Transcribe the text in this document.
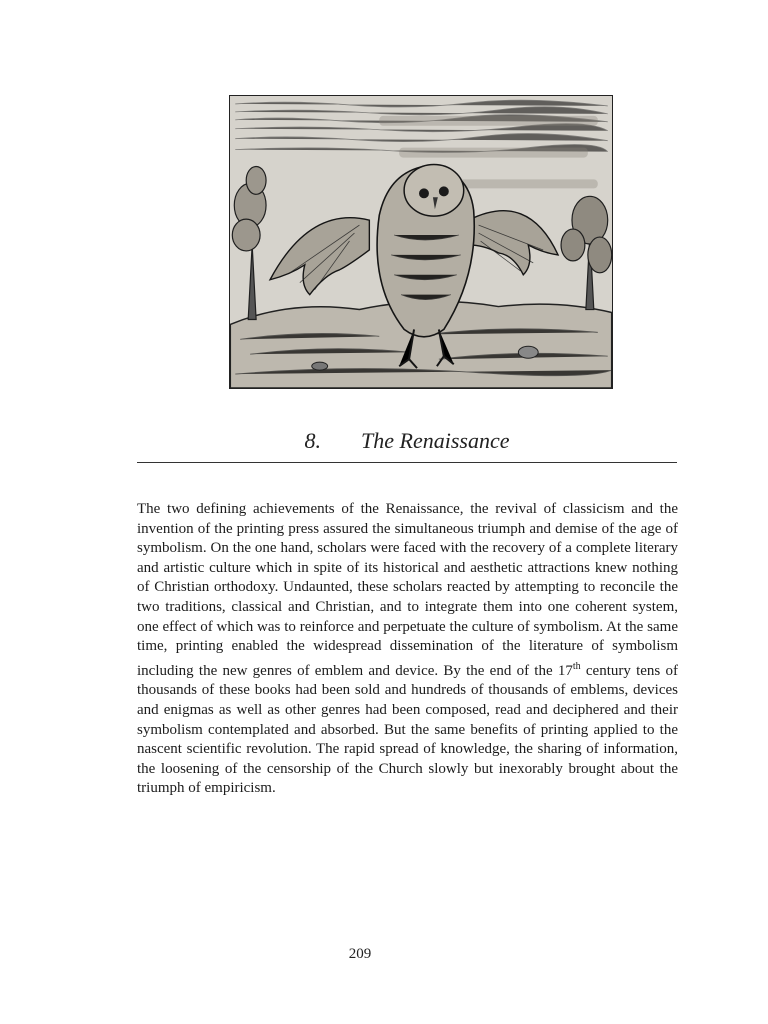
8. The Renaissance

The two defining achievements of the Renaissance, the revival of classicism and the invention of the printing press assured the simultaneous triumph and demise of the age of symbolism. On the one hand, scholars were faced with the recovery of a complete literary and artistic culture which in spite of its historical and aesthetic attractions knew nothing of Christian orthodoxy. Undaunted, these scholars reacted by attempting to reconcile the two traditions, classical and Christian, and to integrate them into one coherent system, one effect of which was to reinforce and perpetuate the culture of symbolism. At the same time, printing enabled the widespread dissemination of the literature of symbolism including the new genres of emblem and device. By the end of the 17th century tens of thousands of these books had been sold and hundreds of thousands of emblems, devices and enigmas as well as other genres had been composed, read and deciphered and their symbolism contemplated and absorbed. But the same benefits of printing applied to the nascent scientific revolution. The rapid spread of knowledge, the sharing of information, the loosening of the censorship of the Church slowly but inexorably brought about the triumph of empiricism.

209
